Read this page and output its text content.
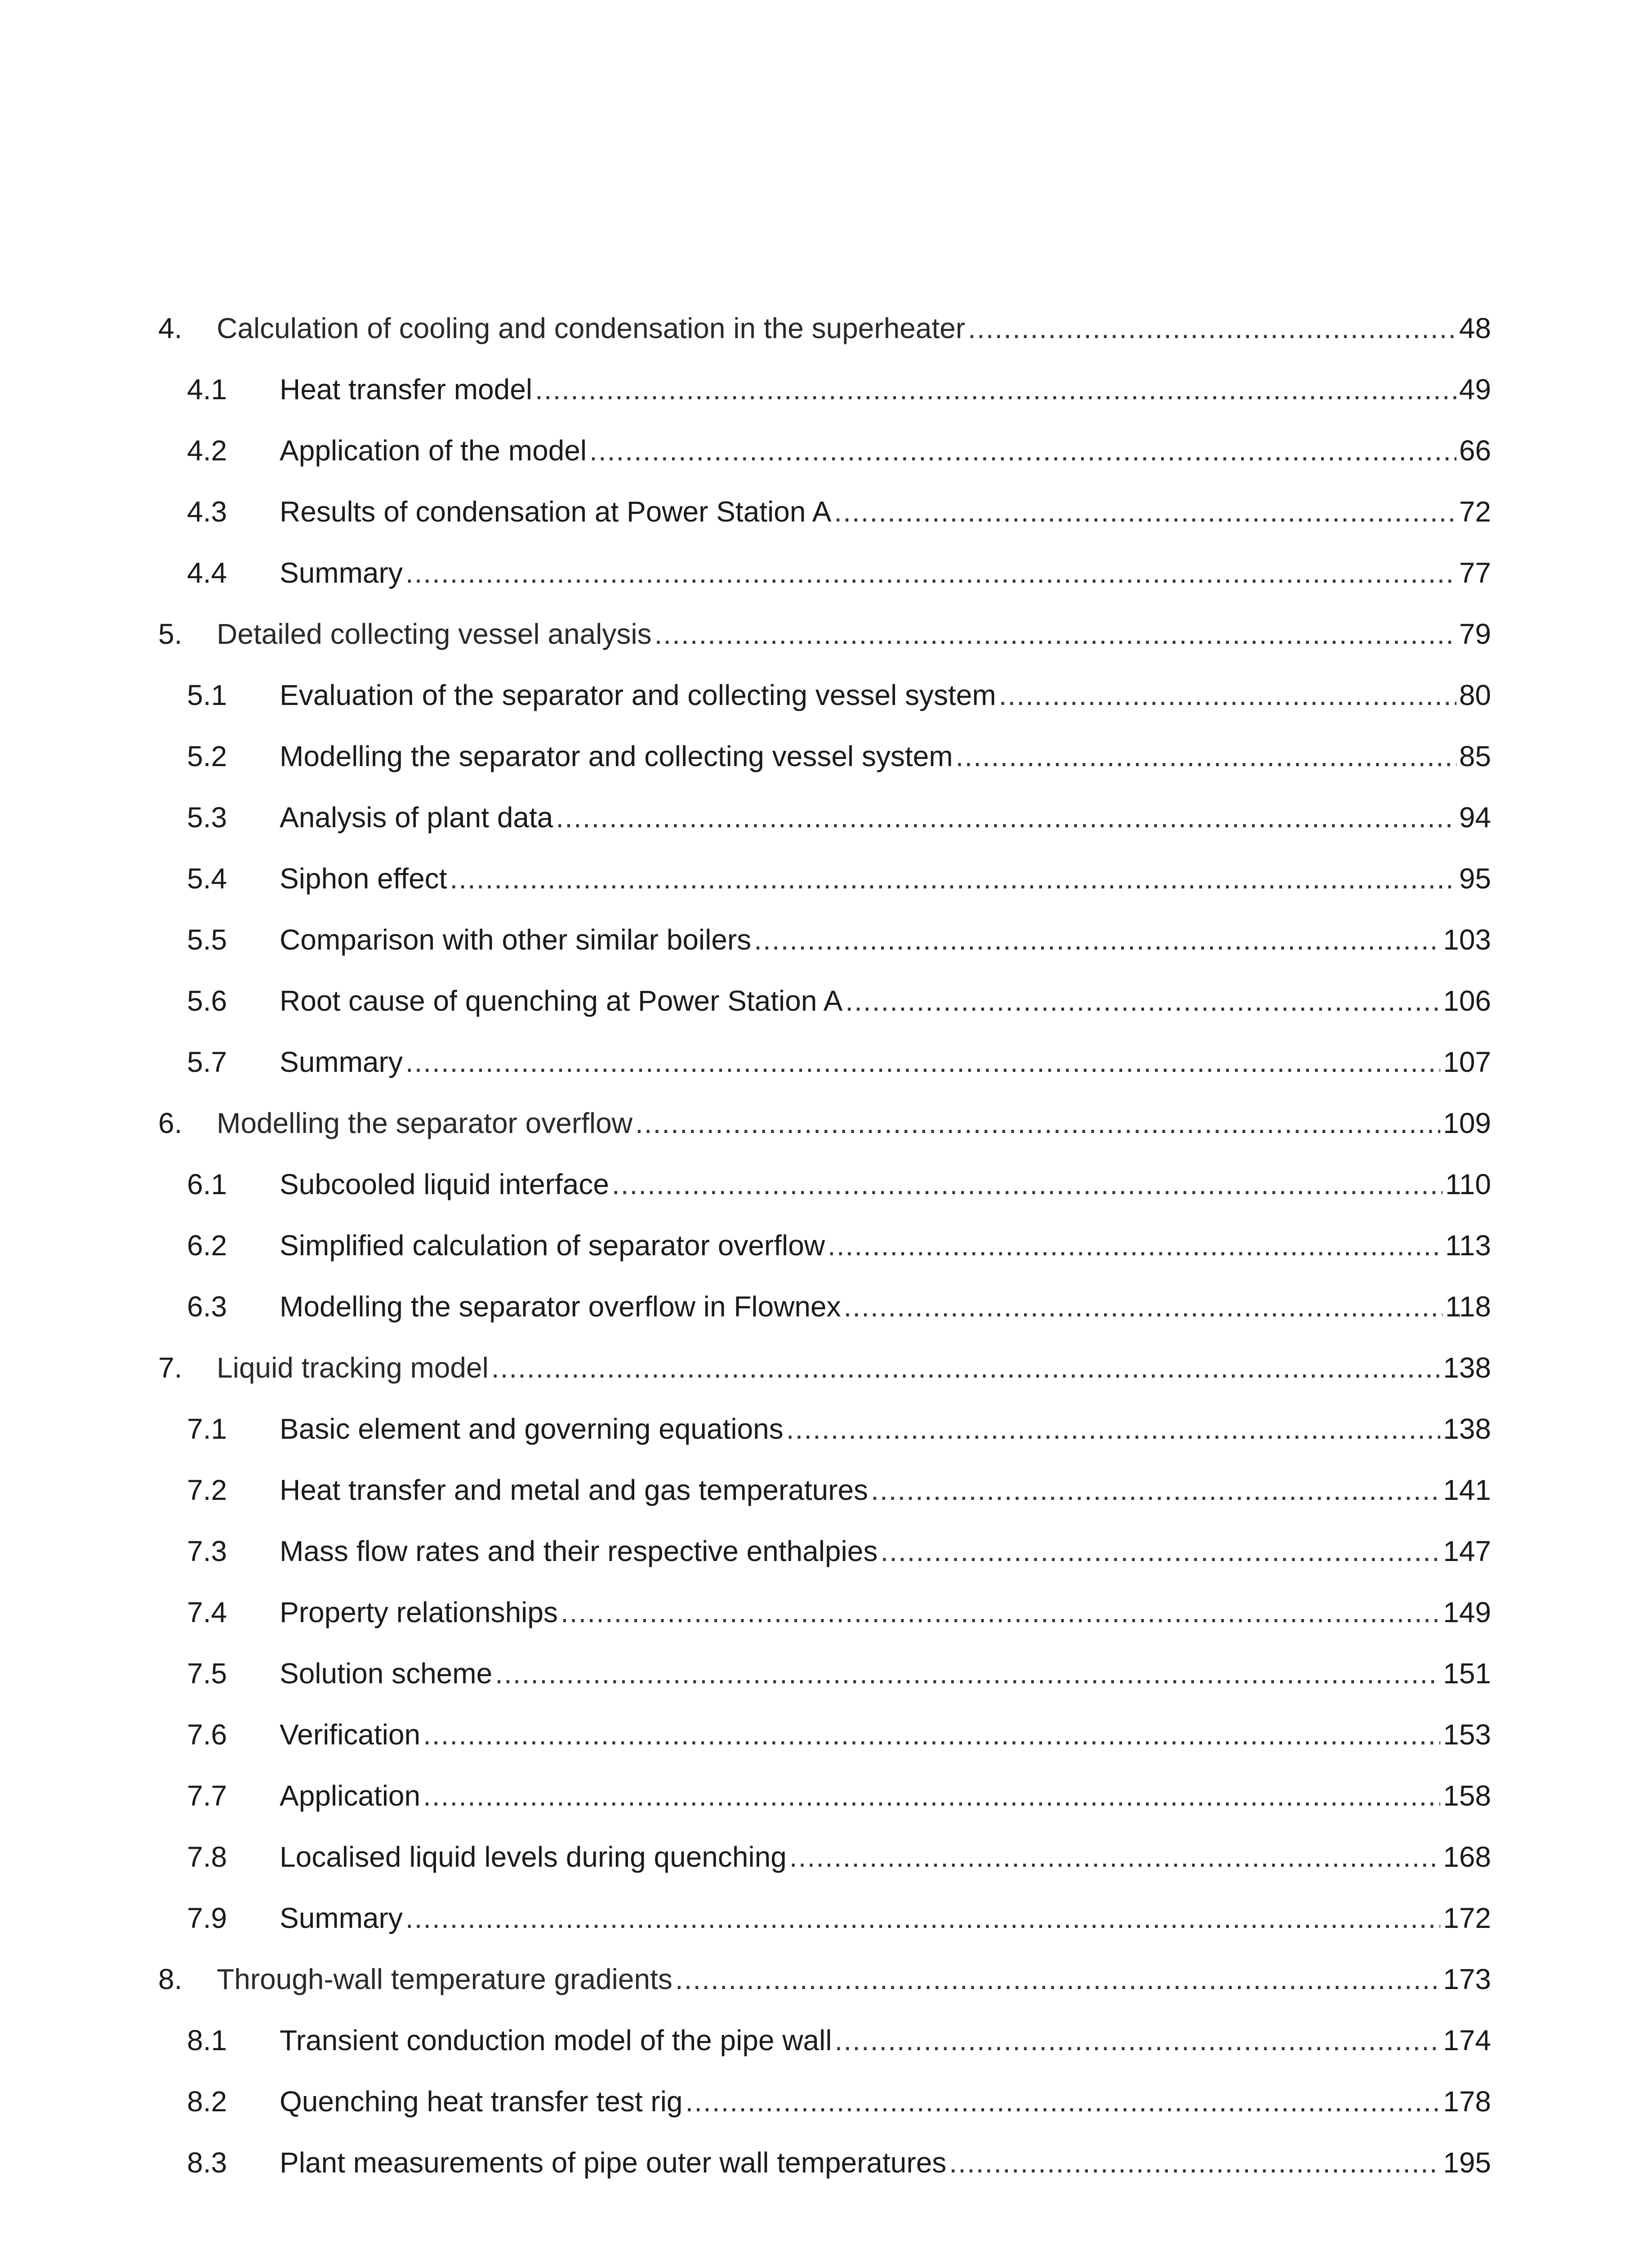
4. Calculation of cooling and condensation in the superheater .....	48
4.1 Heat transfer model .....	49
4.2 Application of the model .....	66
4.3 Results of condensation at Power Station A .....	72
4.4 Summary .....	77
5. Detailed collecting vessel analysis .....	79
5.1 Evaluation of the separator and collecting vessel system .....	80
5.2 Modelling the separator and collecting vessel system .....	85
5.3 Analysis of plant data .....	94
5.4 Siphon effect .....	95
5.5 Comparison with other similar boilers .....	103
5.6 Root cause of quenching at Power Station A .....	106
5.7 Summary .....	107
6. Modelling the separator overflow .....	109
6.1 Subcooled liquid interface .....	110
6.2 Simplified calculation of separator overflow .....	113
6.3 Modelling the separator overflow in Flownex .....	118
7. Liquid tracking model .....	138
7.1 Basic element and governing equations .....	138
7.2 Heat transfer and metal and gas temperatures .....	141
7.3 Mass flow rates and their respective enthalpies .....	147
7.4 Property relationships .....	149
7.5 Solution scheme .....	151
7.6 Verification .....	153
7.7 Application .....	158
7.8 Localised liquid levels during quenching .....	168
7.9 Summary .....	172
8. Through-wall temperature gradients .....	173
8.1 Transient conduction model of the pipe wall .....	174
8.2 Quenching heat transfer test rig .....	178
8.3 Plant measurements of pipe outer wall temperatures .....	195
